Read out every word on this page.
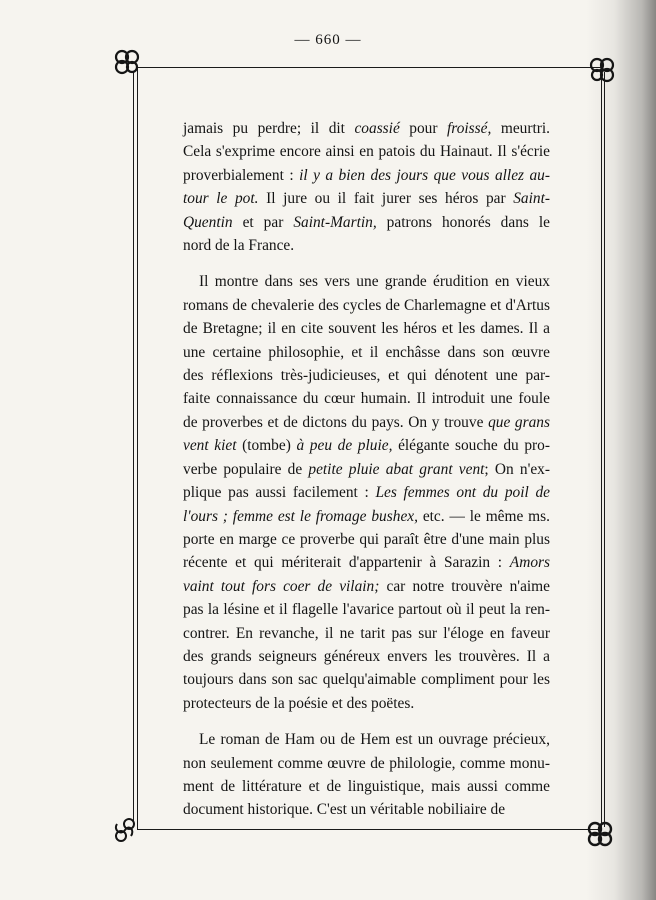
— 660 —

jamais pu perdre; il dit coassié pour froissé, meurtri.
Cela s'exprime encore ainsi en patois du Hainaut. Il s'écrie
proverbialement : il y a bien des jours que vous allez au-
tour le pot. Il jure ou il fait jurer ses héros par Saint-
Quentin et par Saint-Martin, patrons honorés dans le
nord de la France.

Il montre dans ses vers une grande érudition en vieux
romans de chevalerie des cycles de Charlemagne et d'Artus
de Bretagne; il en cite souvent les héros et les dames. Il a
une certaine philosophie, et il enchâsse dans son œuvre
des réflexions très-judicieuses, et qui dénotent une par-
faite connaissance du cœur humain. Il introduit une foule
de proverbes et de dictons du pays. On y trouve que grans
vent kiet (tombe) à peu de pluie, élégante souche du pro-
verbe populaire de petite pluie abat grant vent; On n'ex-
plique pas aussi facilement : Les femmes ont du poil de
l'ours ; femme est le fromage bushex, etc. — le même ms.
porte en marge ce proverbe qui paraît être d'une main plus
récente et qui mériterait d'appartenir à Sarazin : Amors
vaint tout fors coer de vilain; car notre trouvère n'aime
pas la lésine et il flagelle l'avarice partout où il peut la ren-
contrer. En revanche, il ne tarit pas sur l'éloge en faveur
des grands seigneurs généreux envers les trouvères. Il a
toujours dans son sac quelqu'aimable compliment pour les
protecteurs de la poésie et des poëtes.

Le roman de Ham ou de Hem est un ouvrage précieux,
non seulement comme œuvre de philologie, comme monu-
ment de littérature et de linguistique, mais aussi comme
document historique. C'est un véritable nobiliaire de
